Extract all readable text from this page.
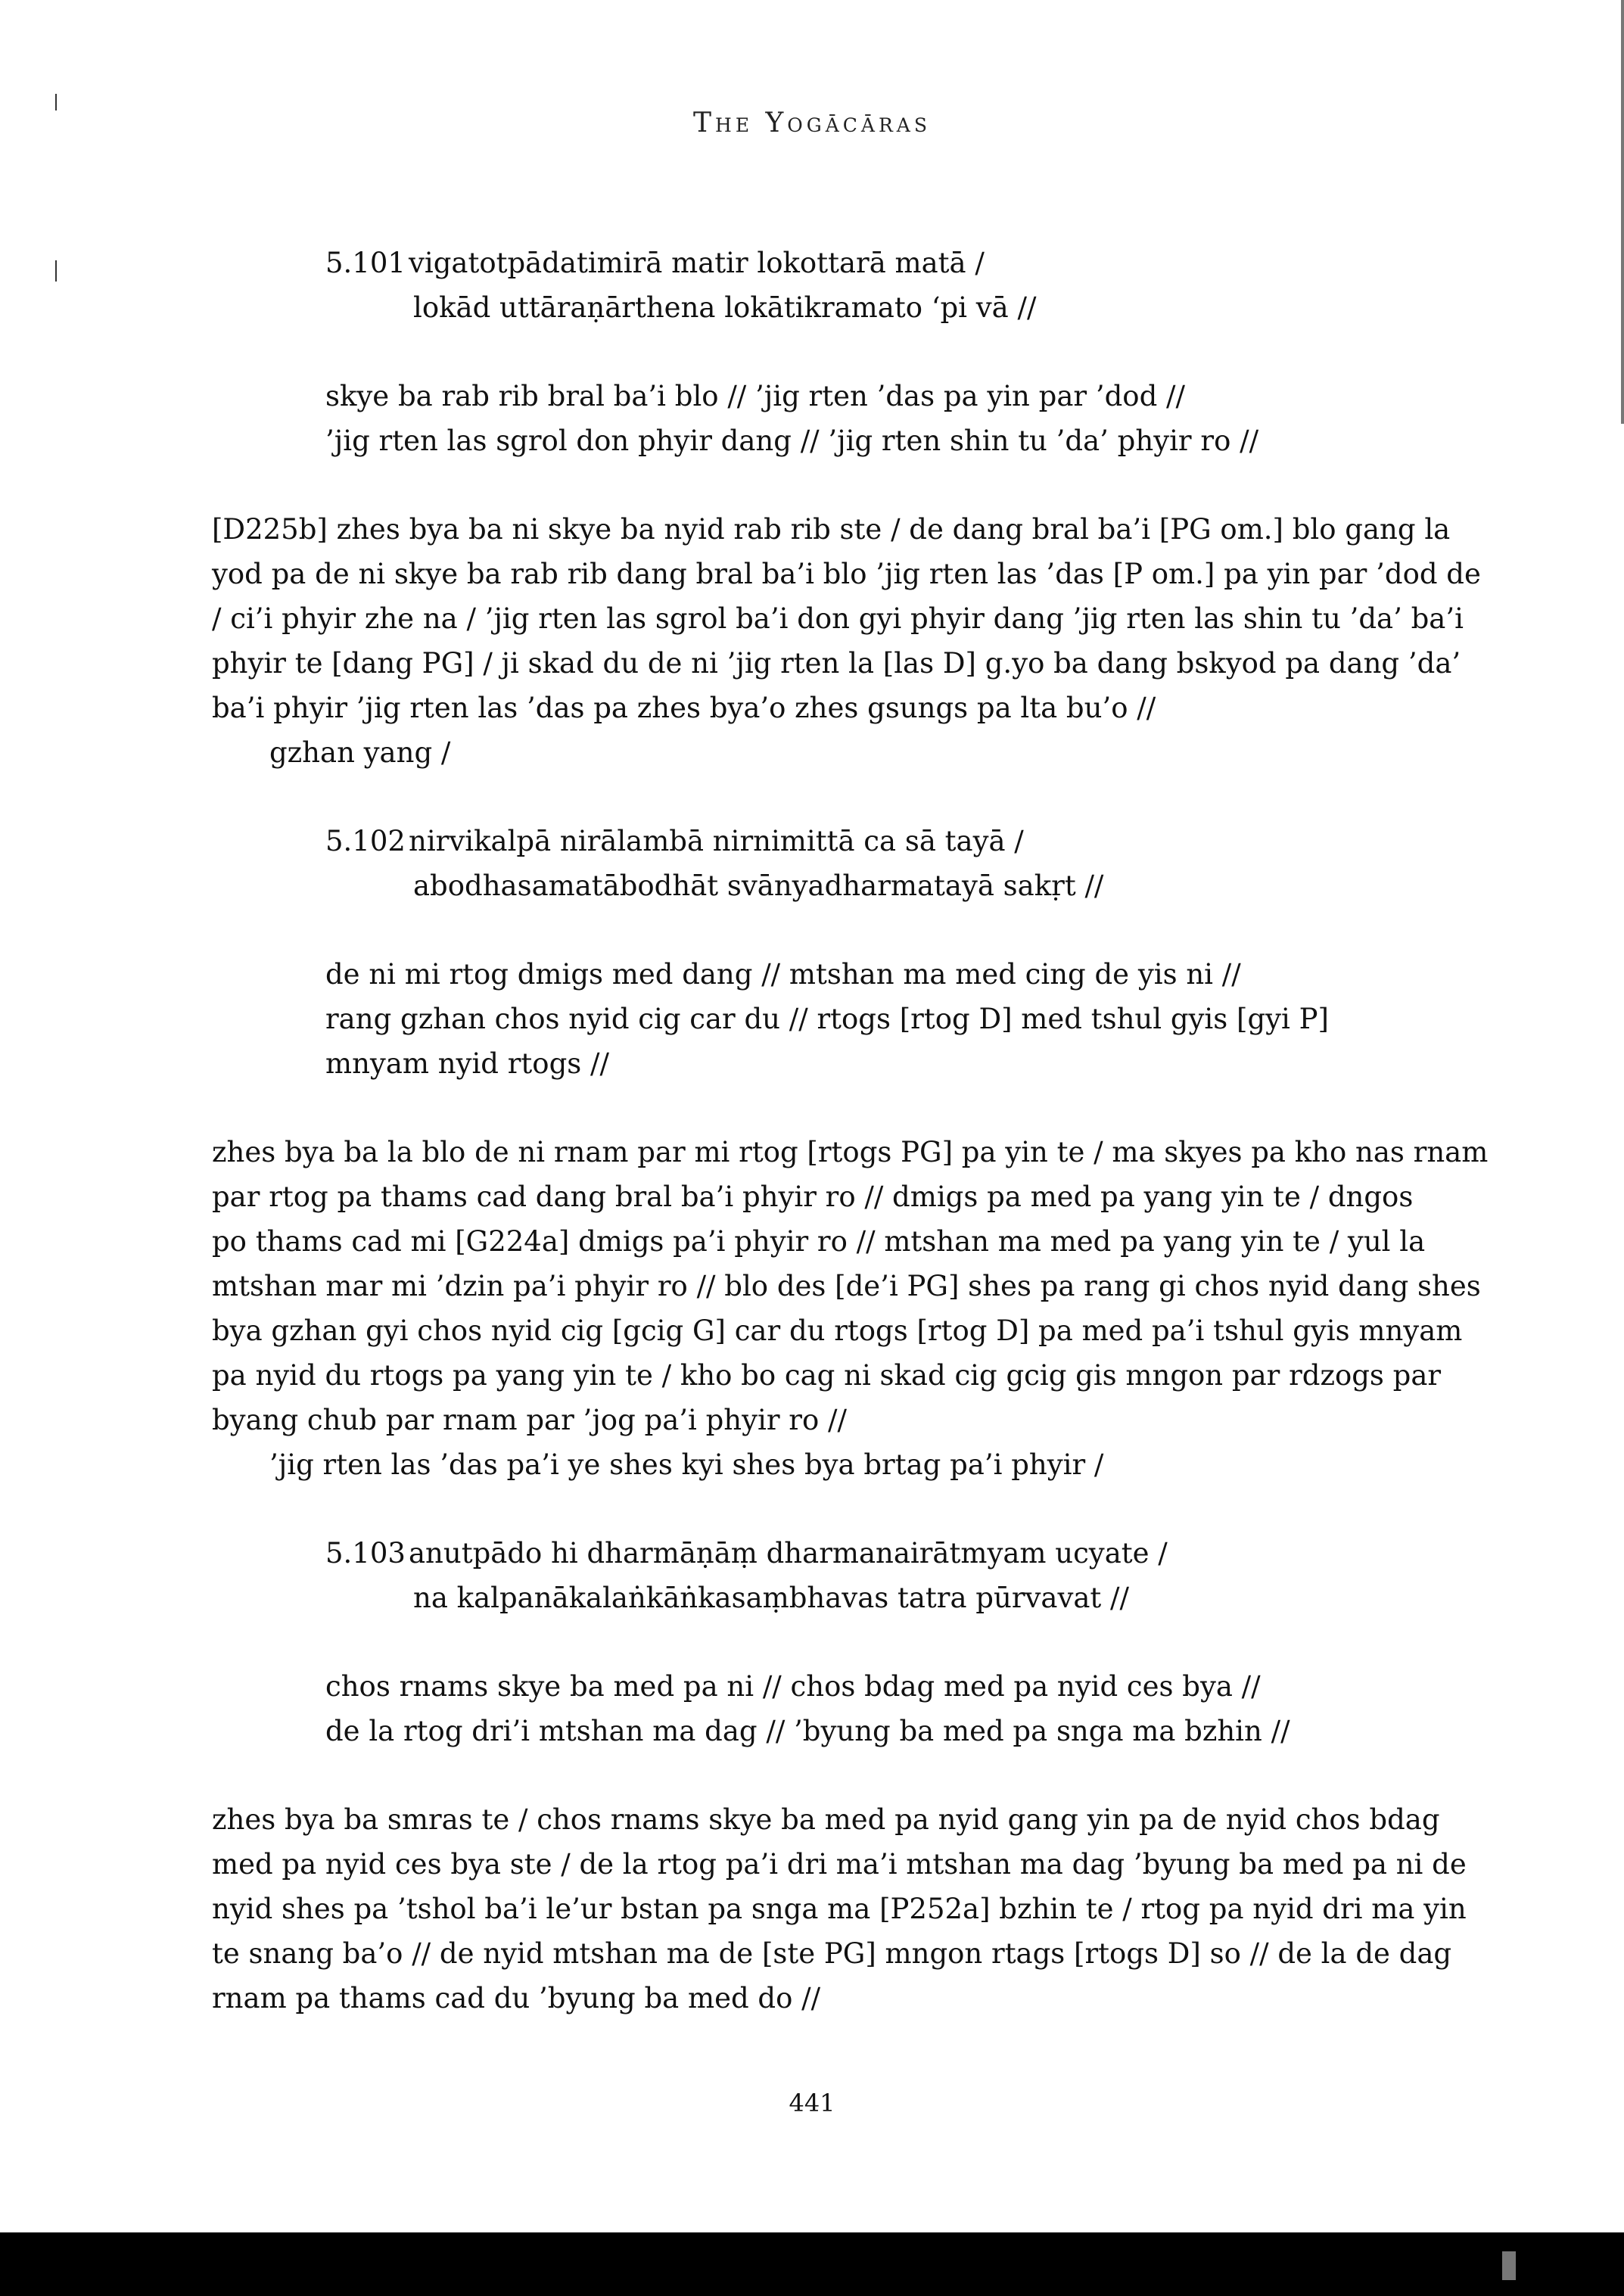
The Yogācāras
5.101 vigatotpādatimirā matir lokottarā matā /
lokād uttāraṇārthena lokātikramato ‘pi vā //
skye ba rab rib bral ba’i blo // ’jig rten ’das pa yin par ’dod //
’jig rten las sgrol don phyir dang // ’jig rten shin tu ’da’ phyir ro //
[D225b] zhes bya ba ni skye ba nyid rab rib ste / de dang bral ba’i [PG om.] blo gang la
yod pa de ni skye ba rab rib dang bral ba’i blo ’jig rten las ’das [P om.] pa yin par ’dod de
/ ci’i phyir zhe na / ’jig rten las sgrol ba’i don gyi phyir dang ’jig rten las shin tu ’da’ ba’i
phyir te [dang PG] / ji skad du de ni ’jig rten la [las D] g.yo ba dang bskyod pa dang ’da’
ba’i phyir ’jig rten las ’das pa zhes bya’o zhes gsungs pa lta bu’o //
gzhan yang /
5.102 nirvikalpā nirālambā nirnimittā ca sā tayā /
abodhasamatābodhāt svānyadharmatayā sakṛt //
de ni mi rtog dmigs med dang // mtshan ma med cing de yis ni //
rang gzhan chos nyid cig car du // rtogs [rtog D] med tshul gyis [gyi P]
mnyam nyid rtogs //
zhes bya ba la blo de ni rnam par mi rtog [rtogs PG] pa yin te / ma skyes pa kho nas rnam
par rtog pa thams cad dang bral ba’i phyir ro // dmigs pa med pa yang yin te / dngos
po thams cad mi [G224a] dmigs pa’i phyir ro // mtshan ma med pa yang yin te / yul la
mtshan mar mi ’dzin pa’i phyir ro // blo des [de’i PG] shes pa rang gi chos nyid dang shes
bya gzhan gyi chos nyid cig [gcig G] car du rtogs [rtog D] pa med pa’i tshul gyis mnyam
pa nyid du rtogs pa yang yin te / kho bo cag ni skad cig gcig gis mngon par rdzogs par
byang chub par rnam par ’jog pa’i phyir ro //
’jig rten las ’das pa’i ye shes kyi shes bya brtag pa’i phyir /
5.103 anutpādo hi dharmāṇāṃ dharmanairātmyam ucyate /
na kalpanākalaṅkāṅkasaṃbhavas tatra pūrvavat //
chos rnams skye ba med pa ni // chos bdag med pa nyid ces bya //
de la rtog dri’i mtshan ma dag // ’byung ba med pa snga ma bzhin //
zhes bya ba smras te / chos rnams skye ba med pa nyid gang yin pa de nyid chos bdag
med pa nyid ces bya ste / de la rtog pa’i dri ma’i mtshan ma dag ’byung ba med pa ni de
nyid shes pa ’tshol ba’i le’ur bstan pa snga ma [P252a] bzhin te / rtog pa nyid dri ma yin
te snang ba’o // de nyid mtshan ma de [ste PG] mngon rtags [rtogs D] so // de la de dag
rnam pa thams cad du ’byung ba med do //
441
